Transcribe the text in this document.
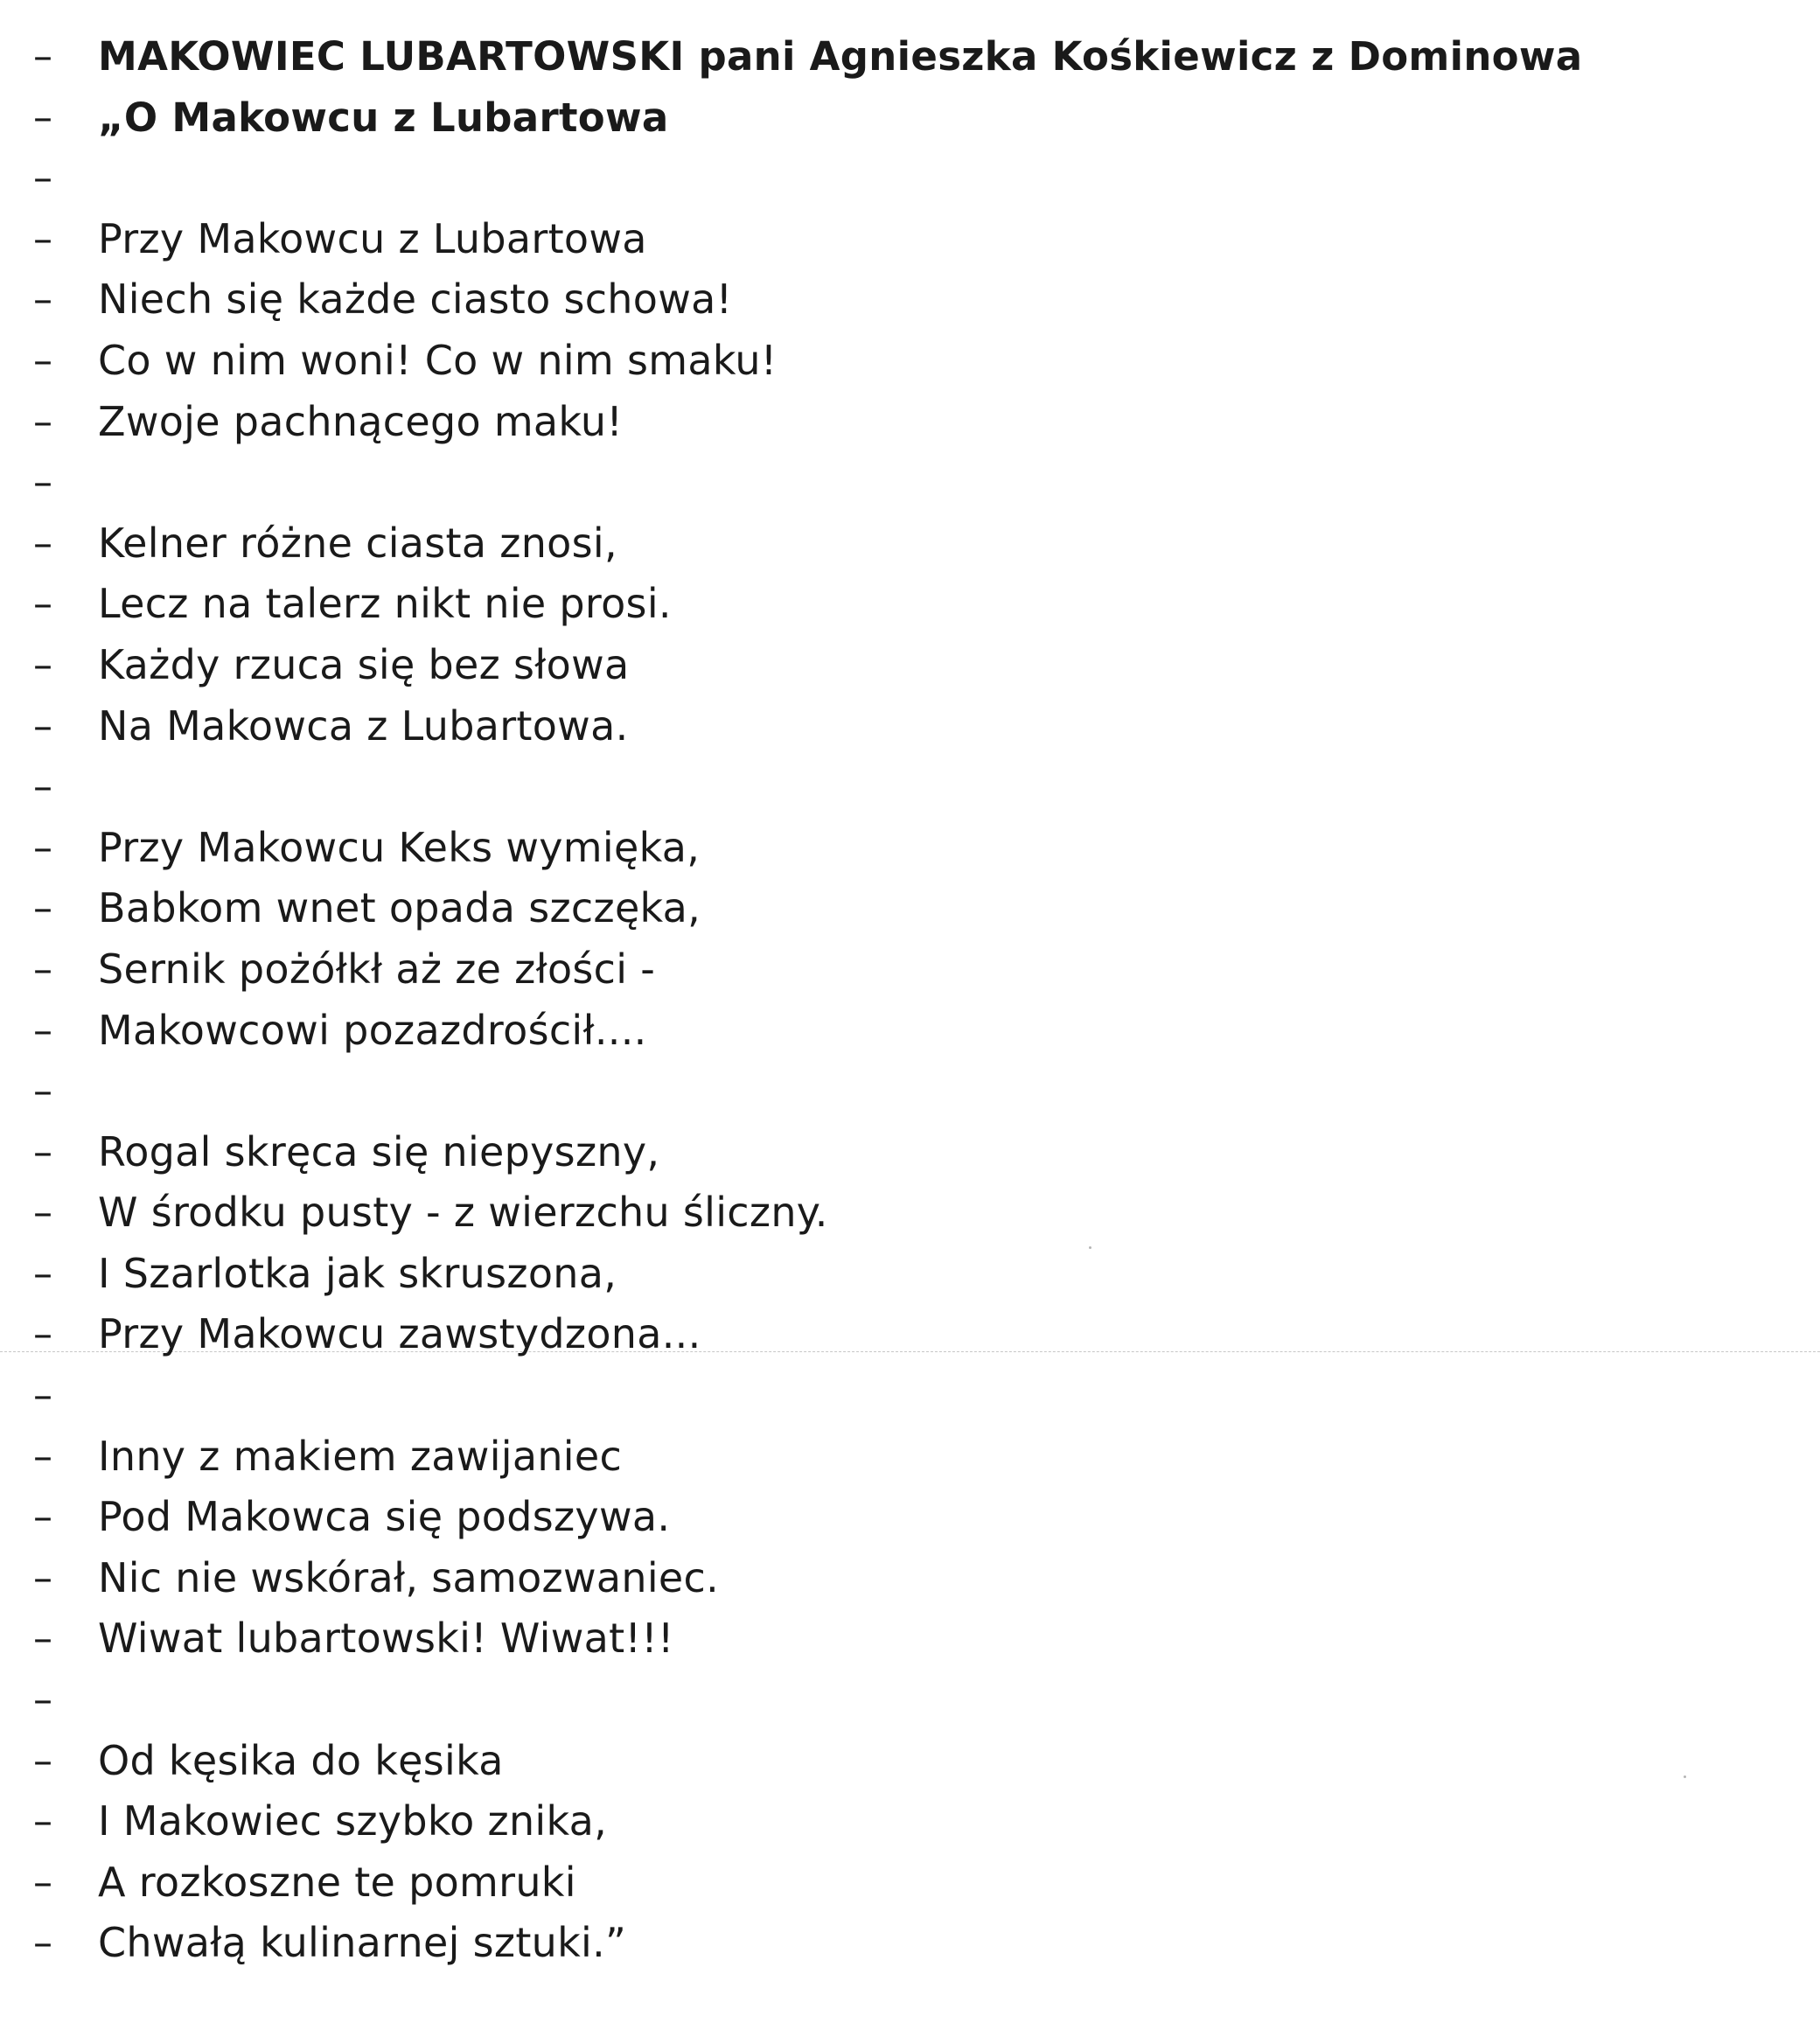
– MAKOWIEC LUBARTOWSKI pani Agnieszka Kośkiewicz z Dominowa
– „O Makowcu z Lubartowa
–
– Przy Makowcu z Lubartowa
– Niech się każde ciasto schowa!
– Co w nim woni! Co w nim smaku!
– Zwoje pachnącego maku!
–
– Kelner różne ciasta znosi,
– Lecz na talerz nikt nie prosi.
– Każdy rzuca się bez słowa
– Na Makowca z Lubartowa.
–
– Przy Makowcu Keks wymięka,
– Babkom wnet opada szczęka,
– Sernik pożółkł aż ze złości -
– Makowcowi pozazdrościł....
–
– Rogal skręca się niepyszny,
– W środku pusty - z wierzchu śliczny.
– I Szarlotka jak skruszona,
– Przy Makowcu zawstydzona...
–
– Inny z makiem zawijaniec
– Pod Makowca się podszywa.
– Nic nie wskórał, samozwaniec.
– Wiwat lubartowski! Wiwat!!!
–
– Od kęsika do kęsika
– I Makowiec szybko znika,
– A rozkoszne te pomruki
– Chwałą kulinarnej sztuki.”
